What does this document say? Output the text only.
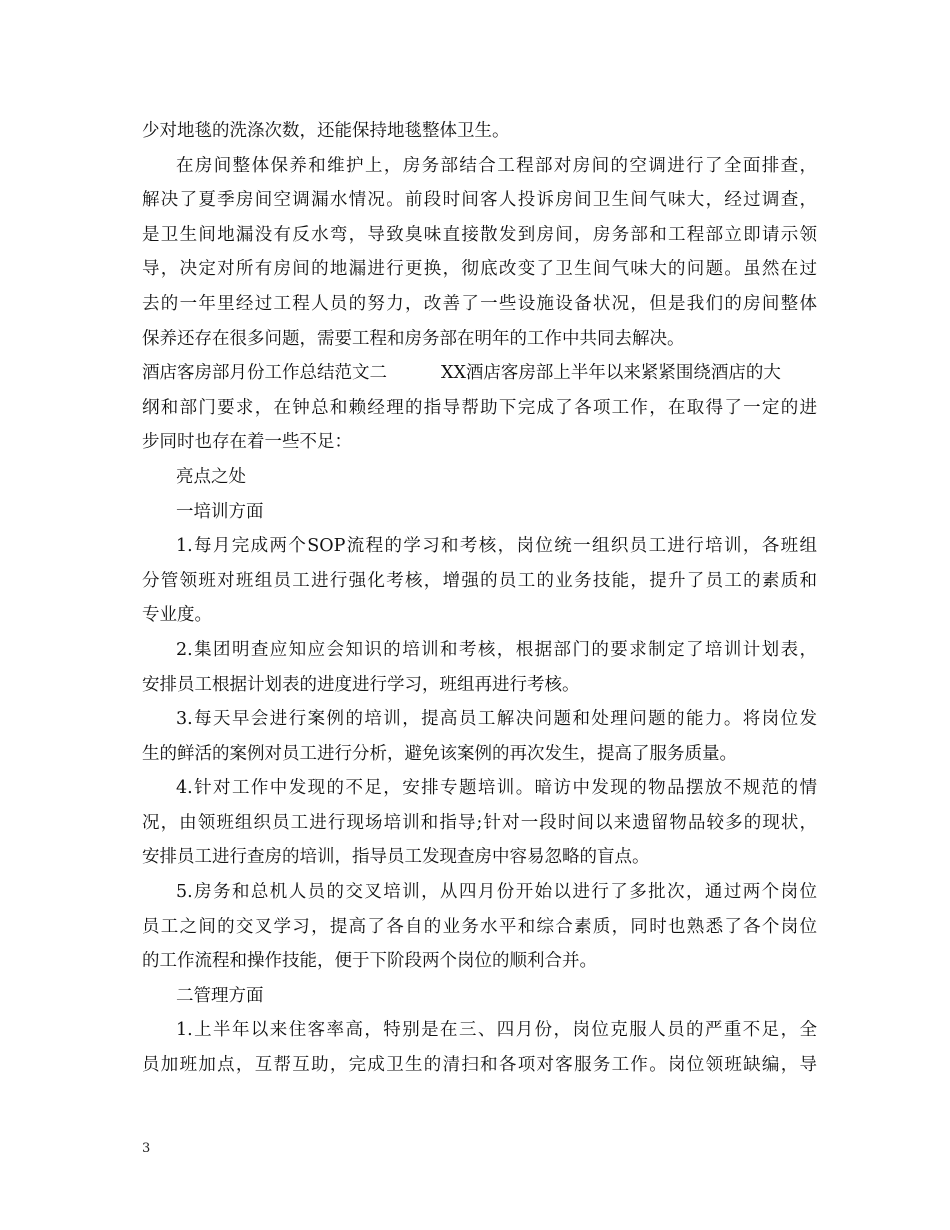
少对地毯的洗涤次数，还能保持地毯整体卫生。
在房间整体保养和维护上，房务部结合工程部对房间的空调进行了全面排查，
解决了夏季房间空调漏水情况。前段时间客人投诉房间卫生间气味大，经过调查，
是卫生间地漏没有反水弯，导致臭味直接散发到房间，房务部和工程部立即请示领
导，决定对所有房间的地漏进行更换，彻底改变了卫生间气味大的问题。虽然在过
去的一年里经过工程人员的努力，改善了一些设施设备状况，但是我们的房间整体
保养还存在很多问题，需要工程和房务部在明年的工作中共同去解决。
酒店客房部月份工作总结范文二	XX酒店客房部上半年以来紧紧围绕酒店的大
纲和部门要求，在钟总和赖经理的指导帮助下完成了各项工作，在取得了一定的进
步同时也存在着一些不足：
亮点之处
一培训方面
1.每月完成两个SOP流程的学习和考核，岗位统一组织员工进行培训，各班组
分管领班对班组员工进行强化考核，增强的员工的业务技能，提升了员工的素质和
专业度。
2.集团明查应知应会知识的培训和考核，根据部门的要求制定了培训计划表，
安排员工根据计划表的进度进行学习，班组再进行考核。
3.每天早会进行案例的培训，提高员工解决问题和处理问题的能力。将岗位发
生的鲜活的案例对员工进行分析，避免该案例的再次发生，提高了服务质量。
4.针对工作中发现的不足，安排专题培训。暗访中发现的物品摆放不规范的情
况，由领班组织员工进行现场培训和指导;针对一段时间以来遗留物品较多的现状，
安排员工进行查房的培训，指导员工发现查房中容易忽略的盲点。
5.房务和总机人员的交叉培训，从四月份开始以进行了多批次，通过两个岗位
员工之间的交叉学习，提高了各自的业务水平和综合素质，同时也熟悉了各个岗位
的工作流程和操作技能，便于下阶段两个岗位的顺利合并。
二管理方面
1.上半年以来住客率高，特别是在三、四月份，岗位克服人员的严重不足，全
员加班加点，互帮互助，完成卫生的清扫和各项对客服务工作。岗位领班缺编，导
3
